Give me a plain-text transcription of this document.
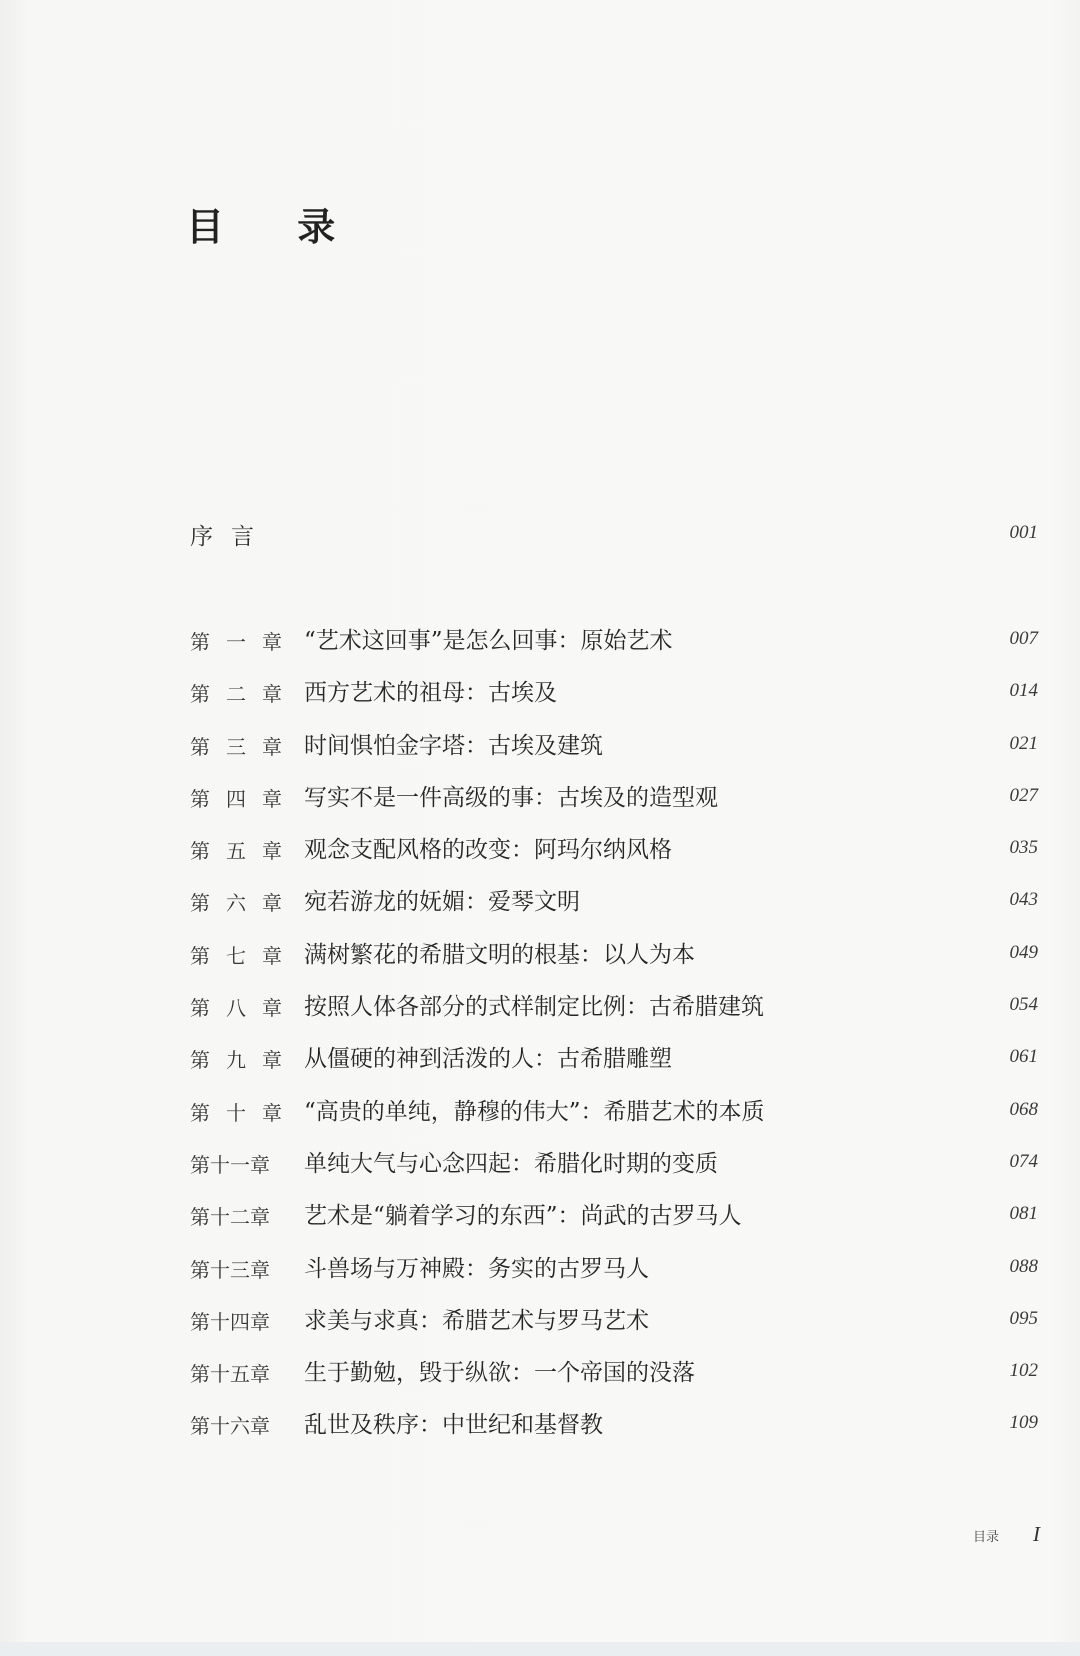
目 录
序言	001
第 一 章 “艺术这回事”是怎么回事：原始艺术	007
第 二 章 西方艺术的祖母：古埃及	014
第 三 章 时间惧怕金字塔：古埃及建筑	021
第 四 章 写实不是一件高级的事：古埃及的造型观	027
第 五 章 观念支配风格的改变：阿玛尔纳风格	035
第 六 章 宛若游龙的妩媚：爱琴文明	043
第 七 章 满树繁花的希腊文明的根基：以人为本	049
第 八 章 按照人体各部分的式样制定比例：古希腊建筑	054
第 九 章 从僵硬的神到活泼的人：古希腊雕塑	061
第 十 章 “高贵的单纯，静穆的伟大”：希腊艺术的本质	068
第十一章 单纯大气与心念四起：希腊化时期的变质	074
第十二章 艺术是“躺着学习的东西”：尚武的古罗马人	081
第十三章 斗兽场与万神殿：务实的古罗马人	088
第十四章 求美与求真：希腊艺术与罗马艺术	095
第十五章 生于勤勉，毁于纵欲：一个帝国的没落	102
第十六章 乱世及秩序：中世纪和基督教	109
目录 I
